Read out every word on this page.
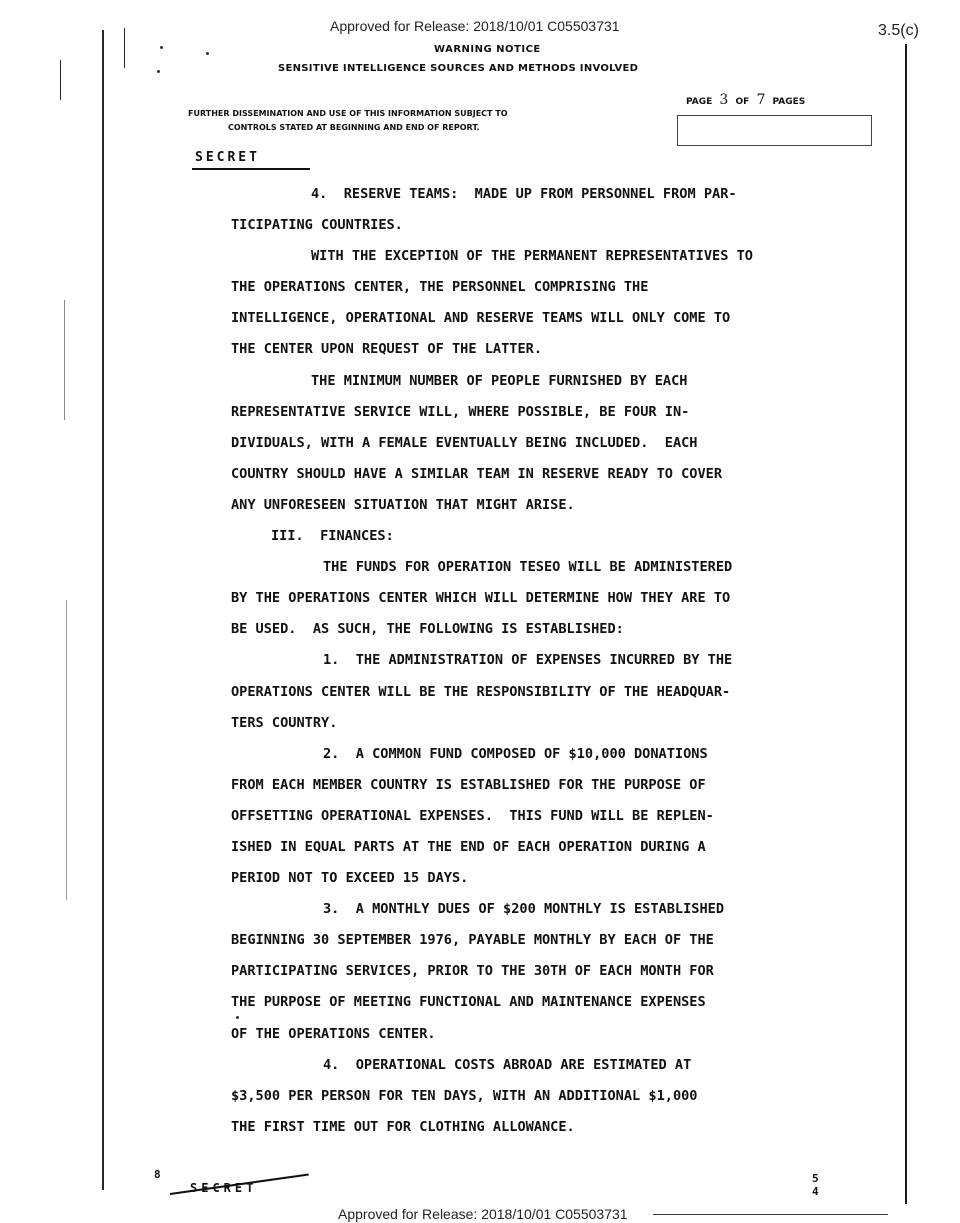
Approved for Release: 2018/10/01 C05503731	3.5(c)
WARNING NOTICE
SENSITIVE INTELLIGENCE SOURCES AND METHODS INVOLVED
FURTHER DISSEMINATION AND USE OF THIS INFORMATION SUBJECT TO
CONTROLS STATED AT BEGINNING AND END OF REPORT.
PAGE 3 OF 7 PAGES
SECRET

4.  RESERVE TEAMS:  MADE UP FROM PERSONNEL FROM PAR-

TICIPATING COUNTRIES.

WITH THE EXCEPTION OF THE PERMANENT REPRESENTATIVES TO

THE OPERATIONS CENTER, THE PERSONNEL COMPRISING THE

INTELLIGENCE, OPERATIONAL AND RESERVE TEAMS WILL ONLY COME TO

THE CENTER UPON REQUEST OF THE LATTER.

THE MINIMUM NUMBER OF PEOPLE FURNISHED BY EACH

REPRESENTATIVE SERVICE WILL, WHERE POSSIBLE, BE FOUR IN-

DIVIDUALS, WITH A FEMALE EVENTUALLY BEING INCLUDED.  EACH

COUNTRY SHOULD HAVE A SIMILAR TEAM IN RESERVE READY TO COVER

ANY UNFORESEEN SITUATION THAT MIGHT ARISE.

III.  FINANCES:

THE FUNDS FOR OPERATION TESEO WILL BE ADMINISTERED

BY THE OPERATIONS CENTER WHICH WILL DETERMINE HOW THEY ARE TO

BE USED.  AS SUCH, THE FOLLOWING IS ESTABLISHED:

1.  THE ADMINISTRATION OF EXPENSES INCURRED BY THE

OPERATIONS CENTER WILL BE THE RESPONSIBILITY OF THE HEADQUAR-

TERS COUNTRY.

2.  A COMMON FUND COMPOSED OF $10,000 DONATIONS

FROM EACH MEMBER COUNTRY IS ESTABLISHED FOR THE PURPOSE OF

OFFSETTING OPERATIONAL EXPENSES.  THIS FUND WILL BE REPLEN-

ISHED IN EQUAL PARTS AT THE END OF EACH OPERATION DURING A

PERIOD NOT TO EXCEED 15 DAYS.

3.  A MONTHLY DUES OF $200 MONTHLY IS ESTABLISHED

BEGINNING 30 SEPTEMBER 1976, PAYABLE MONTHLY BY EACH OF THE

PARTICIPATING SERVICES, PRIOR TO THE 30TH OF EACH MONTH FOR

THE PURPOSE OF MEETING FUNCTIONAL AND MAINTENANCE EXPENSES

OF THE OPERATIONS CENTER.

4.  OPERATIONAL COSTS ABROAD ARE ESTIMATED AT

$3,500 PER PERSON FOR TEN DAYS, WITH AN ADDITIONAL $1,000

THE FIRST TIME OUT FOR CLOTHING ALLOWANCE.

8
SECRET
5 4
Approved for Release: 2018/10/01 C05503731
